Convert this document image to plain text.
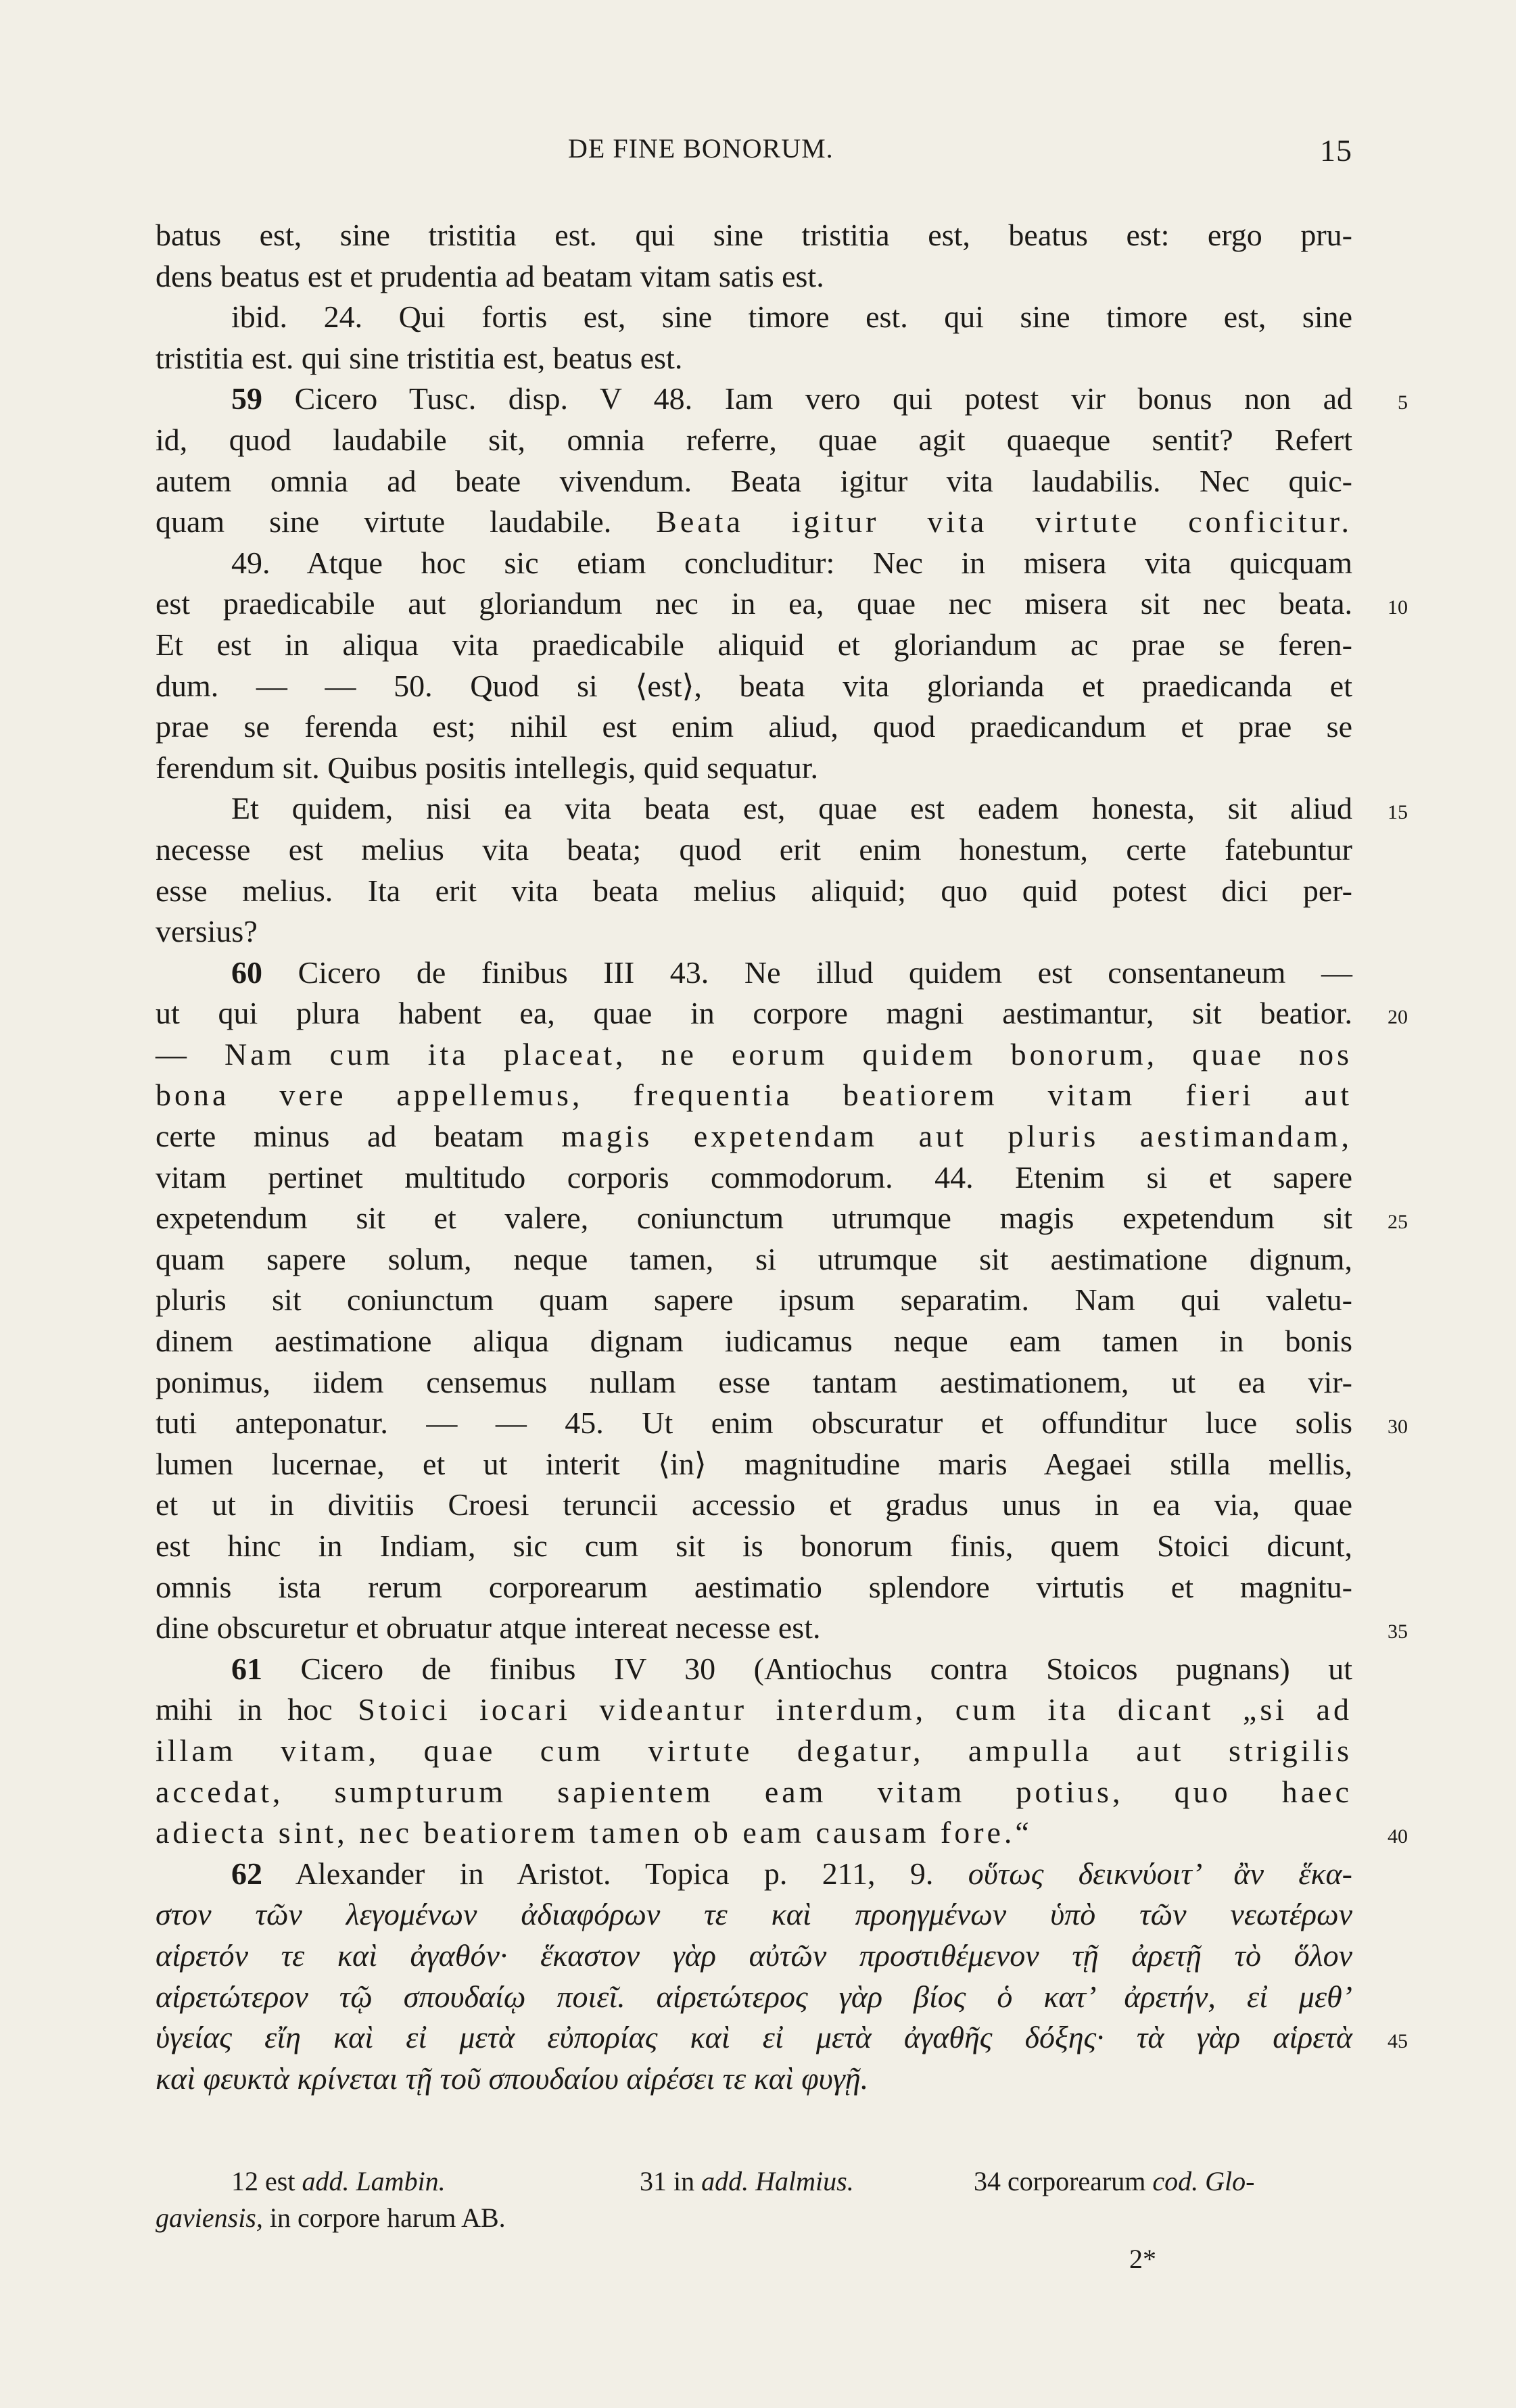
DE FINE BONORUM.	15
batus est, sine tristitia est. qui sine tristitia est, beatus est: ergo pru-
dens beatus est et prudentia ad beatam vitam satis est.
ibid. 24. Qui fortis est, sine timore est. qui sine timore est, sine
tristitia est. qui sine tristitia est, beatus est.
59 Cicero Tusc. disp. V 48. Iam vero qui potest vir bonus non ad	5
id, quod laudabile sit, omnia referre, quae agit quaeque sentit? Refert
autem omnia ad beate vivendum. Beata igitur vita laudabilis. Nec quic-
quam sine virtute laudabile. Beata igitur vita virtute conficitur.
49. Atque hoc sic etiam concluditur: Nec in misera vita quicquam
est praedicabile aut gloriandum nec in ea, quae nec misera sit nec beata.	10
Et est in aliqua vita praedicabile aliquid et gloriandum ac prae se feren-
dum. — — 50. Quod si ⟨est⟩, beata vita glorianda et praedicanda et
prae se ferenda est; nihil est enim aliud, quod praedicandum et prae se
ferendum sit. Quibus positis intellegis, quid sequatur.
Et quidem, nisi ea vita beata est, quae est eadem honesta, sit aliud	15
necesse est melius vita beata; quod erit enim honestum, certe fatebuntur
esse melius. Ita erit vita beata melius aliquid; quo quid potest dici per-
versius?
60 Cicero de finibus III 43. Ne illud quidem est consentaneum —
ut qui plura habent ea, quae in corpore magni aestimantur, sit beatior.	20
— Nam cum ita placeat, ne eorum quidem bonorum, quae nos
bona vere appellemus, frequentia beatiorem vitam fieri aut
certe minus ad beatam magis expetendam aut pluris aestimandam,
vitam pertinet multitudo corporis commodorum. 44. Etenim si et sapere
expetendum sit et valere, coniunctum utrumque magis expetendum sit	25
quam sapere solum, neque tamen, si utrumque sit aestimatione dignum,
pluris sit coniunctum quam sapere ipsum separatim. Nam qui valetu-
dinem aestimatione aliqua dignam iudicamus neque eam tamen in bonis
ponimus, iidem censemus nullam esse tantam aestimationem, ut ea vir-
tuti anteponatur. — — 45. Ut enim obscuratur et offunditur luce solis	30
lumen lucernae, et ut interit ⟨in⟩ magnitudine maris Aegaei stilla mellis,
et ut in divitiis Croesi teruncii accessio et gradus unus in ea via, quae
est hinc in Indiam, sic cum sit is bonorum finis, quem Stoici dicunt,
omnis ista rerum corporearum aestimatio splendore virtutis et magnitu-
dine obscuretur et obruatur atque intereat necesse est.	35
61 Cicero de finibus IV 30 (Antiochus contra Stoicos pugnans) ut
mihi in hoc Stoici iocari videantur interdum, cum ita dicant „si ad
illam vitam, quae cum virtute degatur, ampulla aut strigilis
accedat, sumpturum sapientem eam vitam potius, quo haec
adiecta sint, nec beatiorem tamen ob eam causam fore.“	40
62 Alexander in Aristot. Topica p. 211, 9. οὕτως δεικνύοιτ’ ἂν ἕκα-
στον τῶν λεγομένων ἀδιαφόρων τε καὶ προηγμένων ὑπὸ τῶν νεωτέρων
αἱρετόν τε καὶ ἀγαθόν· ἕκαστον γὰρ αὐτῶν προστιθέμενον τῇ ἀρετῇ τὸ ὅλον
αἱρετώτερον τῷ σπουδαίῳ ποιεῖ. αἱρετώτερος γὰρ βίος ὁ κατ’ ἀρετήν, εἰ μεθ’
ὑγείας εἴη καὶ εἰ μετὰ εὐπορίας καὶ εἰ μετὰ ἀγαθῆς δόξης· τὰ γὰρ αἱρετὰ	45
καὶ φευκτὰ κρίνεται τῇ τοῦ σπουδαίου αἱρέσει τε καὶ φυγῇ.
12 est add. Lambin.	31 in add. Halmius.	34 corporearum cod. Glo-
gaviensis, in corpore harum AB.
2*
